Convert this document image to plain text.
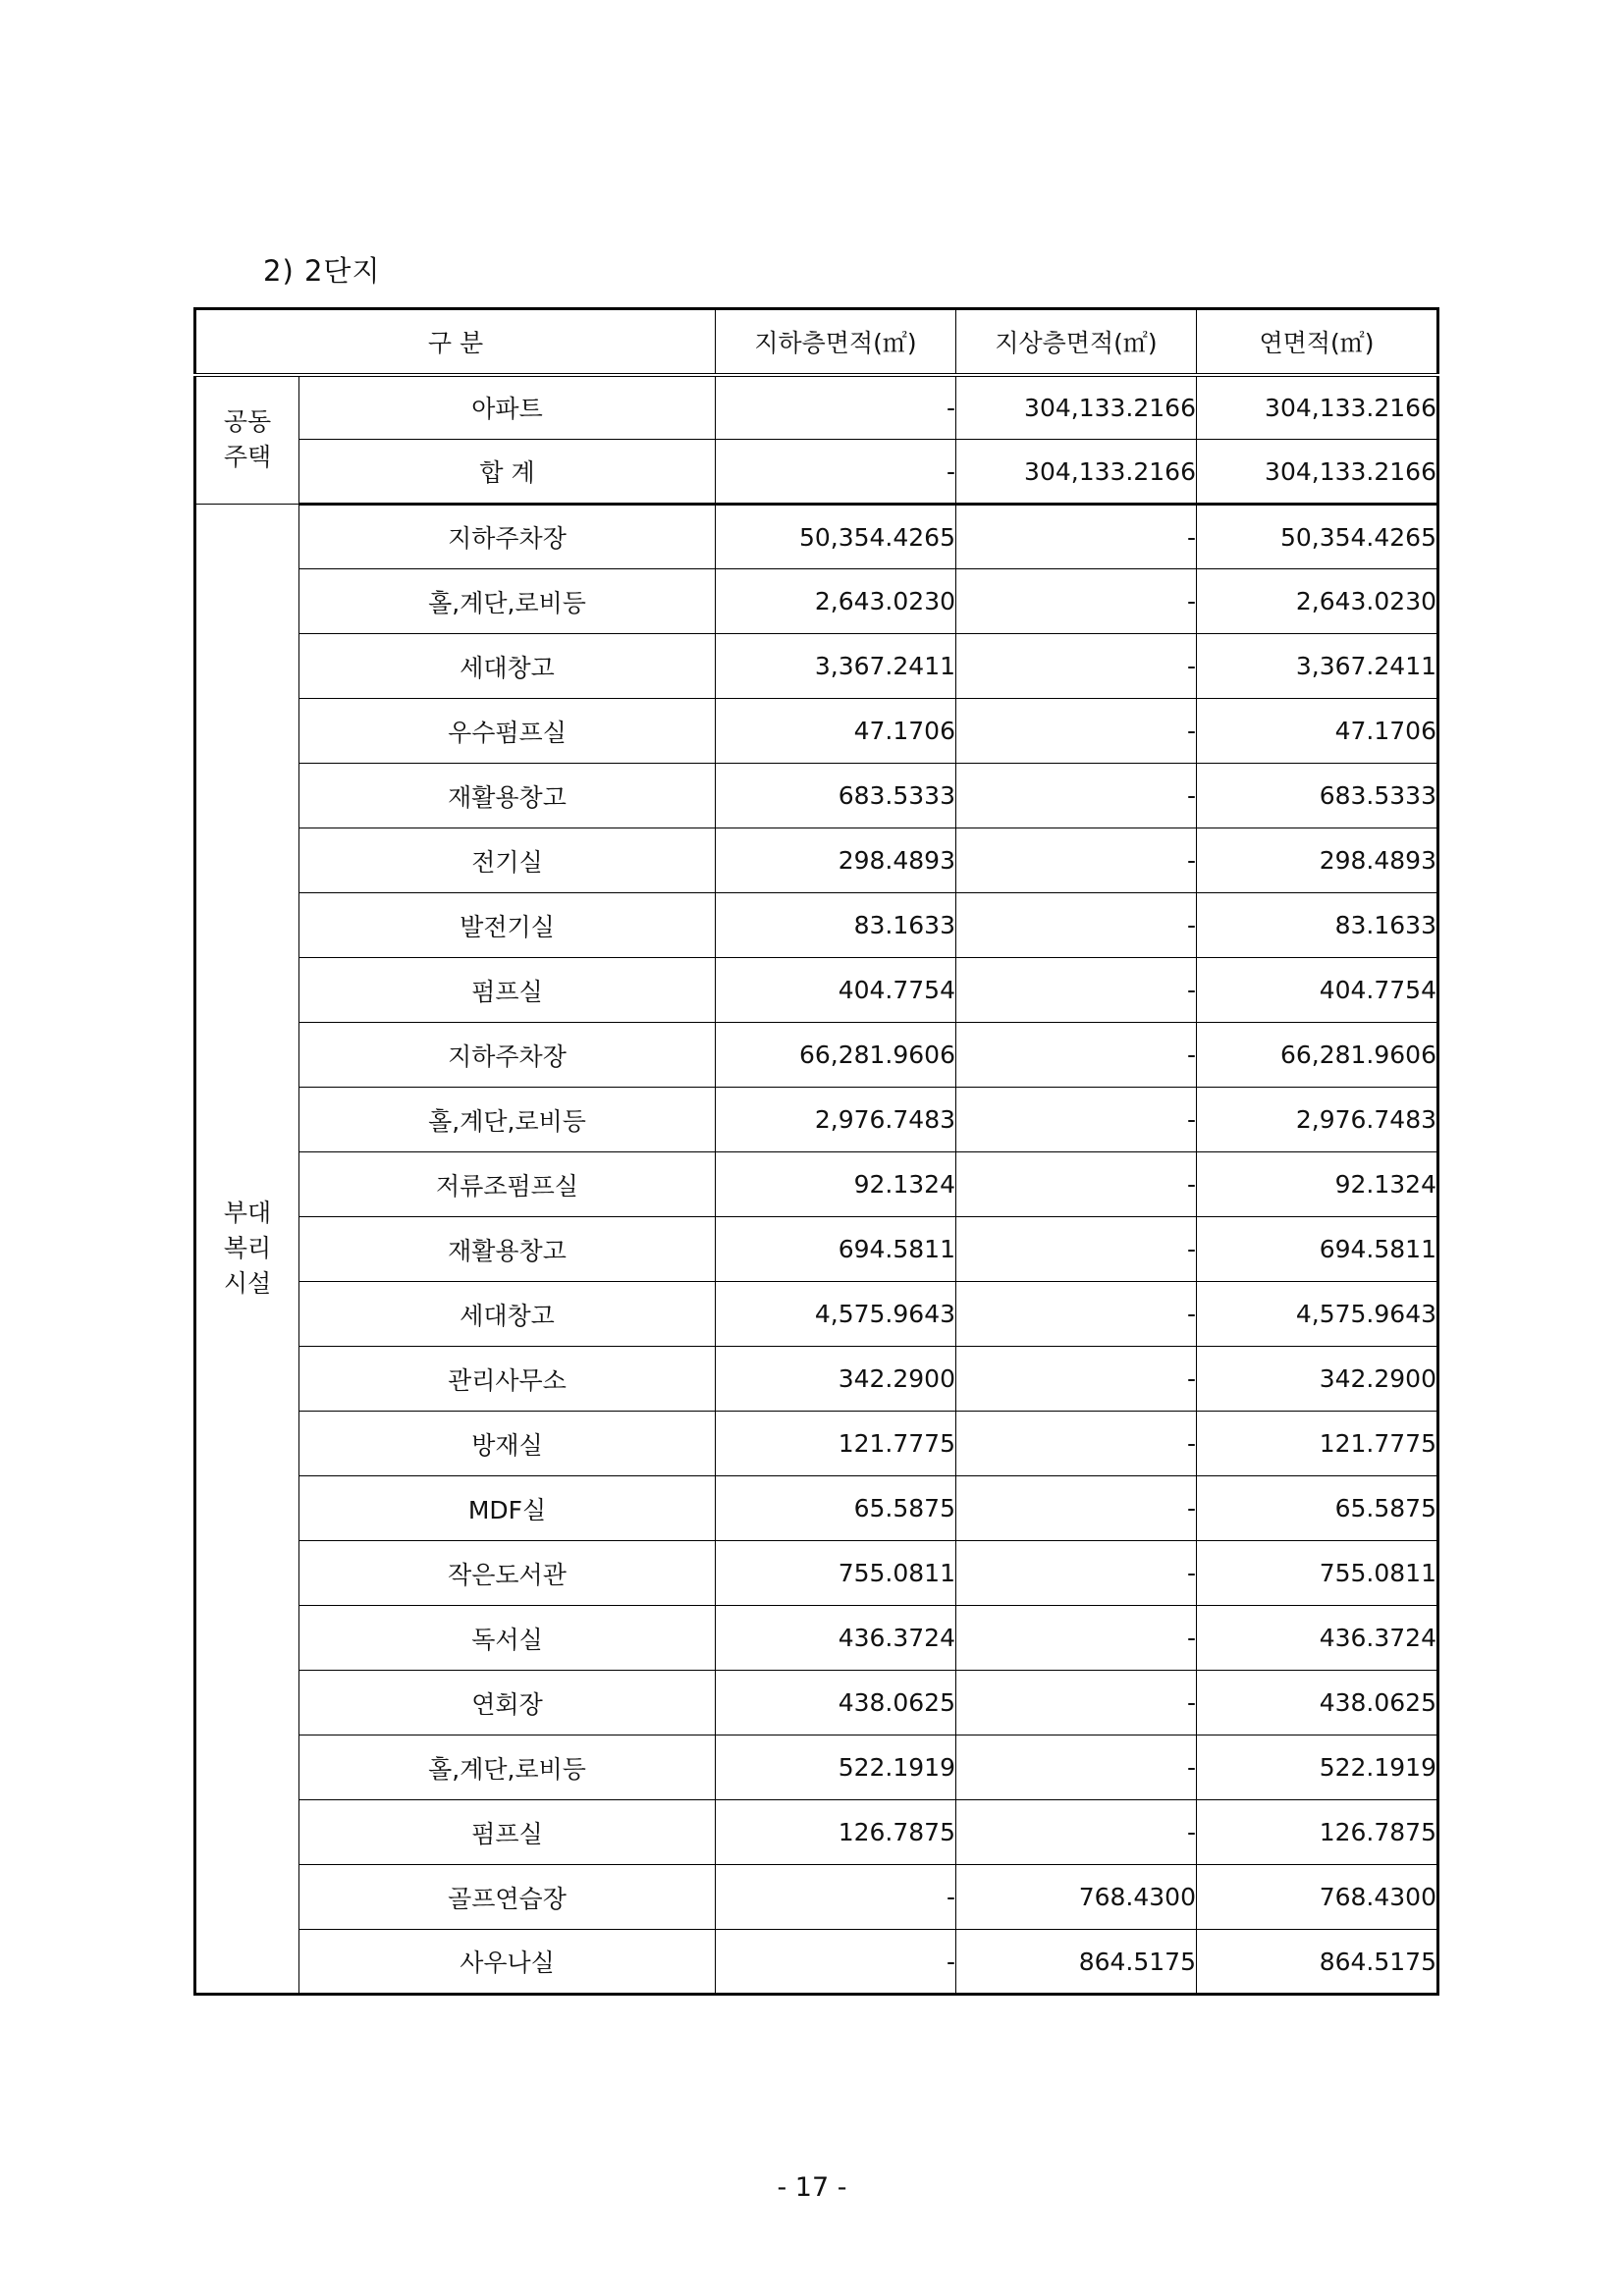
2) 2단지
구 분		지하층면적(㎡)	지상층면적(㎡)	연면적(㎡)

공동
주택	아파트	-	304,133.2166	304,133.2166
	합 계	-	304,133.2166	304,133.2166

부대
복리
시설	지하주차장	50,354.4265	-	50,354.4265
	홀,계단,로비등	2,643.0230	-	2,643.0230
	세대창고	3,367.2411	-	3,367.2411
	우수펌프실	47.1706	-	47.1706
	재활용창고	683.5333	-	683.5333
	전기실	298.4893	-	298.4893
	발전기실	83.1633	-	83.1633
	펌프실	404.7754	-	404.7754
	지하주차장	66,281.9606	-	66,281.9606
	홀,계단,로비등	2,976.7483	-	2,976.7483
	저류조펌프실	92.1324	-	92.1324
	재활용창고	694.5811	-	694.5811
	세대창고	4,575.9643	-	4,575.9643
	관리사무소	342.2900	-	342.2900
	방재실	121.7775	-	121.7775
	MDF실	65.5875	-	65.5875
	작은도서관	755.0811	-	755.0811
	독서실	436.3724	-	436.3724
	연회장	438.0625	-	438.0625
	홀,계단,로비등	522.1919	-	522.1919
	펌프실	126.7875	-	126.7875
	골프연습장	-	768.4300	768.4300
	사우나실	-	864.5175	864.5175
- 17 -
